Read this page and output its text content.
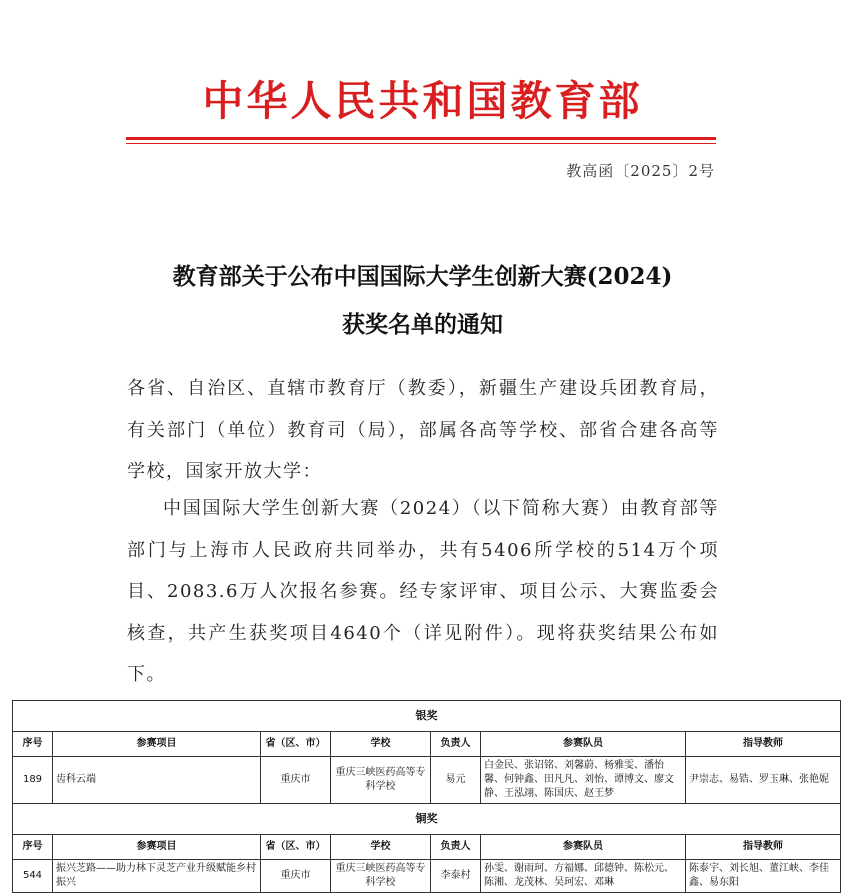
中华人民共和国教育部
教高函〔2025〕2号
教育部关于公布中国国际大学生创新大赛(2024)
获奖名单的通知
各省、自治区、直辖市教育厅（教委），新疆生产建设兵团教育局，有关部门（单位）教育司（局），部属各高等学校、部省合建各高等学校，国家开放大学：
中国国际大学生创新大赛（2024）（以下简称大赛）由教育部等部门与上海市人民政府共同举办，共有5406所学校的514万个项目、2083.6万人次报名参赛。经专家评审、项目公示、大赛监委会核查，共产生获奖项目4640个（详见附件）。现将获奖结果公布如下。
银奖						
序号	参赛项目	省（区、市）	学校	负责人	参赛队员	指导教师
189	齿科云端	重庆市	重庆三峡医药高等专科学校	易元	白金民、张诏铭、刘馨蔚、杨雅雯、潘怡馨、何钟鑫、田凡凡、刘怡、谭博文、廖文静、王泓翊、陈国庆、赵王梦	尹崇志、易锆、罗玉琳、张艳妮
铜奖						
序号	参赛项目	省（区、市）	学校	负责人	参赛队员	指导教师
544	振兴芝路——助力林下灵芝产业升级赋能乡村振兴	重庆市	重庆三峡医药高等专科学校	李泰村	孙雯、谢雨珂、方福娜、邱德钟、陈松元、陈湘、龙茂林、吴珂宏、邓琳	陈泰宇、刘长旭、董江峡、李佳鑫、易东阳
